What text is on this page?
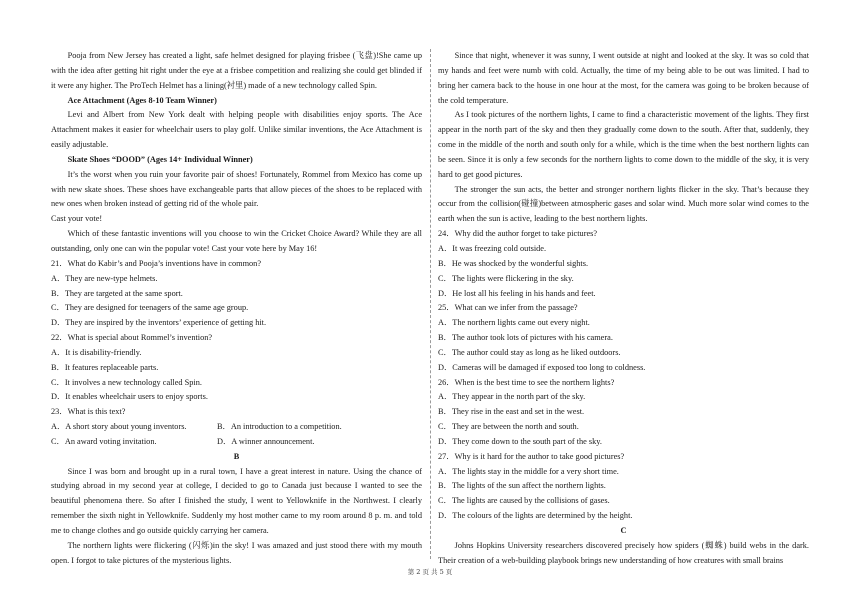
Pooja from New Jersey has created a light, safe helmet designed for playing frisbee (飞盘)!She came up with the idea after getting hit right under the eye at a frisbee competition and realizing she could get blinded if it were any higher. The ProTech Helmet has a lining(衬里) made of a new technology called Spin.

Ace Attachment (Ages 8-10 Team Winner)

Levi and Albert from New York dealt with helping people with disabilities enjoy sports. The Ace Attachment makes it easier for wheelchair users to play golf. Unlike similar inventions, the Ace Attachment is easily adjustable.

Skate Shoes “DOOD” (Ages 14+ Individual Winner)

It’s the worst when you ruin your favorite pair of shoes! Fortunately, Rommel from Mexico has come up with new skate shoes. These shoes have exchangeable parts that allow pieces of the shoes to be replaced with new ones when broken instead of getting rid of the whole pair.

Cast your vote!

Which of these fantastic inventions will you choose to win the Cricket Choice Award? While they are all outstanding, only one can win the popular vote! Cast your vote here by May 16!

21．What do Kabir’s and Pooja’s inventions have in common?

A．They are new-type helmets.

B．They are targeted at the same sport.

C．They are designed for teenagers of the same age group.

D．They are inspired by the inventors’ experience of getting hit.

22．What is special about Rommel’s invention?

A．It is disability-friendly.

B．It features replaceable parts.

C．It involves a new technology called Spin.

D．It enables wheelchair users to enjoy sports.

23．What is this text?

A．A short story about young inventors.	B．An introduction to a competition.
C．An award voting invitation.	D．A winner announcement.

B

Since I was born and brought up in a rural town, I have a great interest in nature. Using the chance of studying abroad in my second year at college, I decided to go to Canada just because I wanted to see the beautiful phenomena there. So after I finished the study, I went to Yellowknife in the Northwest. I clearly remember the sixth night in Yellowknife. Suddenly my host mother came to my room around 8 p. m. and told me to change clothes and go outside quickly carrying her camera.

The northern lights were flickering (闪烁)in the sky! I was amazed and just stood there with my mouth open. I forgot to take pictures of the mysterious lights.

Since that night, whenever it was sunny, I went outside at night and looked at the sky. It was so cold that my hands and feet were numb with cold. Actually, the time of my being able to be out was limited. I had to bring her camera back to the house in one hour at the most, for the camera was going to be broken because of the cold temperature.

As I took pictures of the northern lights, I came to find a characteristic movement of the lights. They first appear in the north part of the sky and then they gradually come down to the south. After that, suddenly, they come in the middle of the north and south only for a while, which is the time when the best northern lights can be seen. Since it is only a few seconds for the northern lights to come down to the middle of the sky, it is very hard to get good pictures.

The stronger the sun acts, the better and stronger northern lights flicker in the sky. That’s because they occur from the collision(碰撞)between atmospheric gases and solar wind. Much more solar wind comes to the earth when the sun is active, leading to the best northern lights.

24．Why did the author forget to take pictures?

A．It was freezing cold outside.

B．He was shocked by the wonderful sights.

C．The lights were flickering in the sky.

D．He lost all his feeling in his hands and feet.

25．What can we infer from the passage?

A．The northern lights came out every night.

B．The author took lots of pictures with his camera.

C．The author could stay as long as he liked outdoors.

D．Cameras will be damaged if exposed too long to coldness.

26．When is the best time to see the northern lights?

A．They appear in the north part of the sky.

B．They rise in the east and set in the west.

C．They are between the north and south.

D．They come down to the south part of the sky.

27．Why is it hard for the author to take good pictures?

A．The lights stay in the middle for a very short time.

B．The lights of the sun affect the northern lights.

C．The lights are caused by the collisions of gases.

D．The colours of the lights are determined by the height.

C

Johns Hopkins University researchers discovered precisely how spiders (蜘蛛) build webs in the dark. Their creation of a web-building playbook brings new understanding of how creatures with small brains

第 2 页 共 5 页
